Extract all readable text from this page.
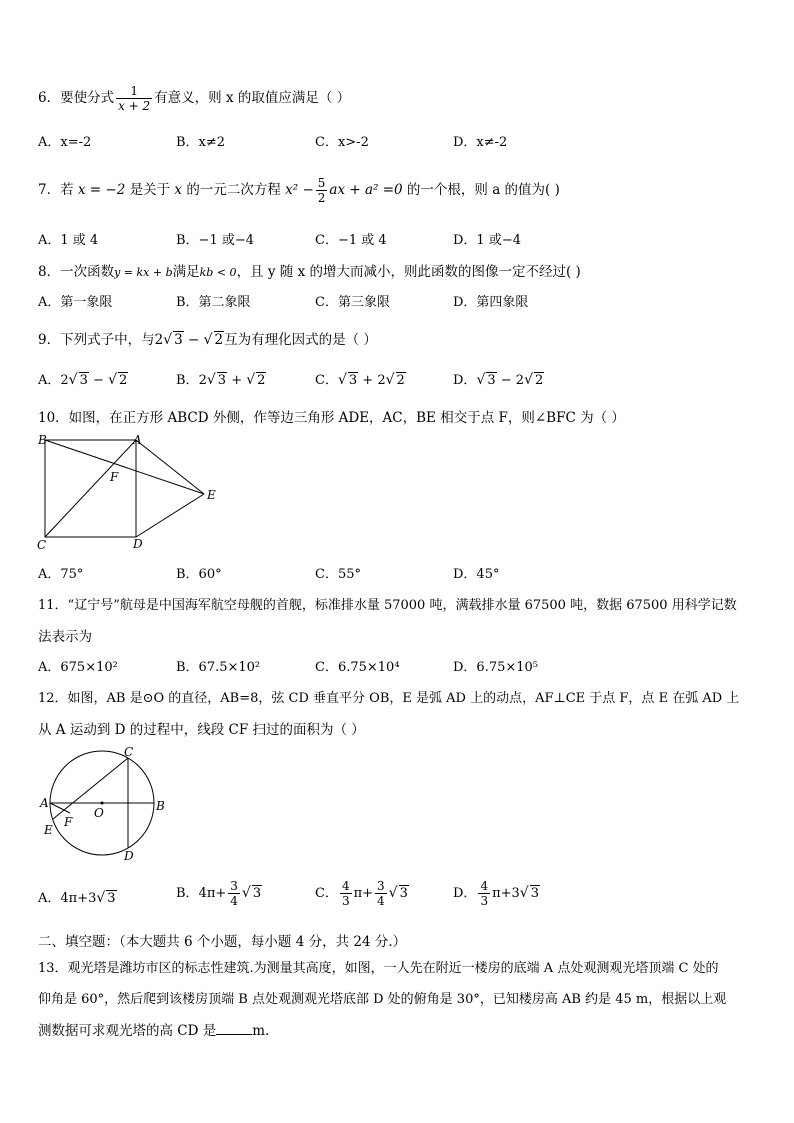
6．要使分式 $\frac{1}{x + 2}$ 有意义，则 x 的取值应满足（ ）
A．x=-2	B．x≠2	C．x>-2	D．x≠-2
7．若 x = −2 是关于 x 的一元二次方程 $x^2 - \frac{5}{2}$ ax + a² =0 的一个根，则 a 的值为( )
A．1 或 4	B．−1 或−4	C．−1 或 4	D．1 或−4
8．一次函数y = kx + b满足kb < 0，且 y 随 x 的增大而减小，则此函数的图像一定不经过( )
A．第一象限	B．第二象限	C．第三象限	D．第四象限
9．下列式子中，与2√ 3 − √ 2互为有理化因式的是（ ）
A．2√ 3 − √ 2	B．2√ 3 + √ 2	C．√ 3 + 2√ 2	D．√ 3 − 2√ 2
10．如图，在正方形 ABCD 外侧，作等边三角形 ADE，AC，BE 相交于点 F，则∠BFC 为（ ）
B	A
F
E
C	D
A．75°	B．60°	C．55°	D．45°
11．“辽宁号”航母是中国海军航空母舰的首舰，标准排水量 57000 吨，满载排水量 67500 吨，数据 67500 用科学记数
法表示为
A．675×10²	B．67.5×10²	C．6.75×10⁴	D．6.75×10⁵
12．如图，AB 是⊙O 的直径，AB=8，弦 CD 垂直平分 OB，E 是弧 AD 上的动点，AF⊥CE 于点 F，点 E 在弧 AD 上
从 A 运动到 D 的过程中，线段 CF 扫过的面积为（ ）
C
A
O	B
F
E
D
A．4π+3√ 3	B．$4\pi+ \frac{3}{4}$ √ 3	C． $\frac{4}{3} \pi+ \frac{3}{4}$ √ 3	D． $\frac{4}{3} \pi+3√$ 3
二、填空题：（本大题共 6 个小题，每小题 4 分，共 24 分.）
13．观光塔是潍坊市区的标志性建筑.为测量其高度，如图，一人先在附近一楼房的底端 A 点处观测观光塔顶端 C 处的
仰角是 60°，然后爬到该楼房顶端 B 点处观测观光塔底部 D 处的俯角是 30°，已知楼房高 AB 约是 45 m，根据以上观
测数据可求观光塔的高 CD 是	m.
